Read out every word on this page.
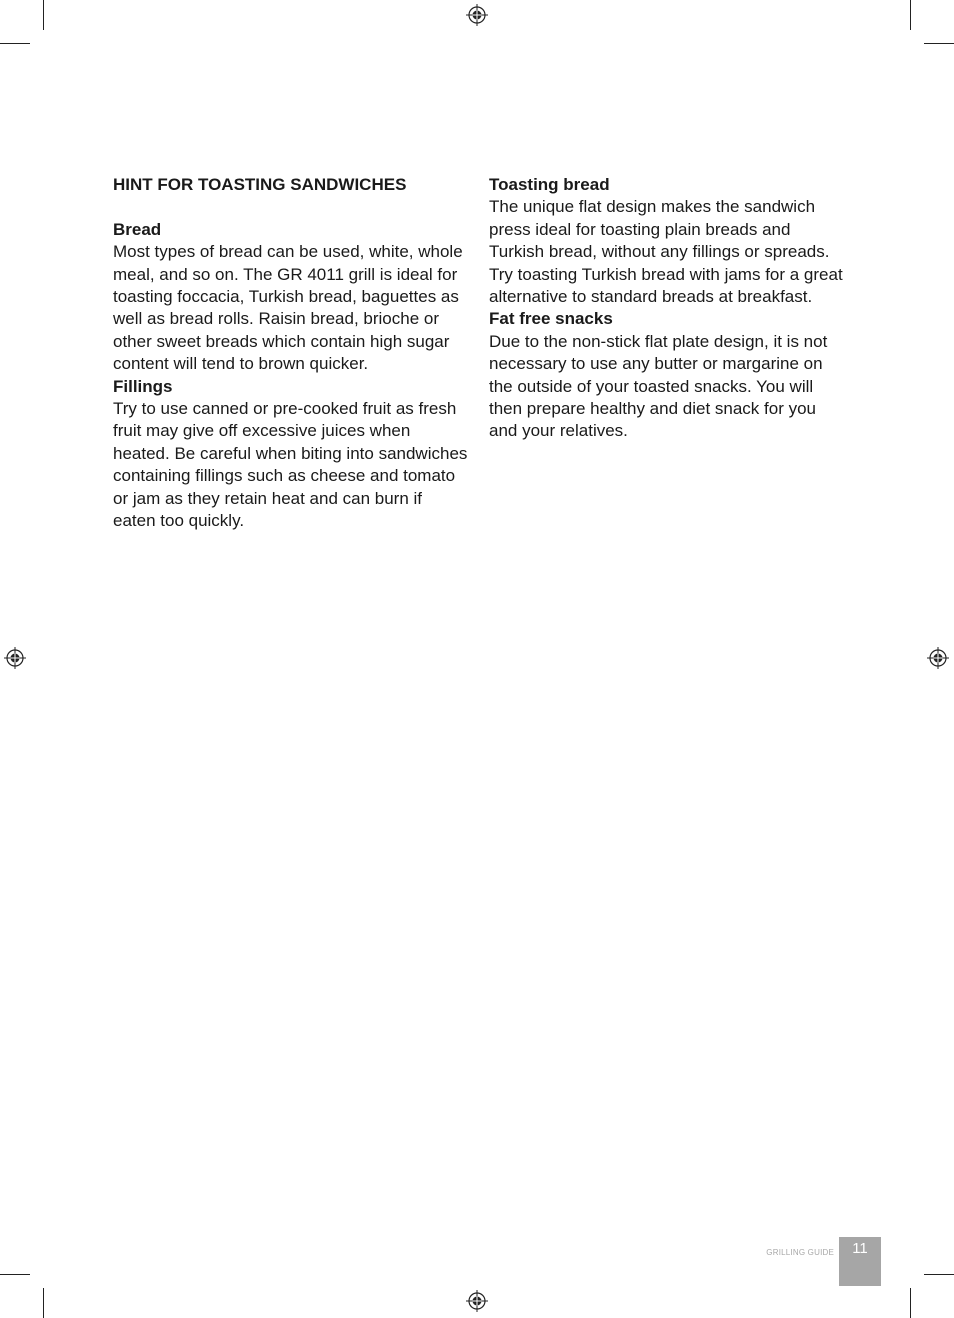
HINT FOR TOASTING SANDWICHES

Bread

Most types of bread can be used, white, whole meal, and so on. The GR 4011 grill is ideal for toasting foccacia, Turkish bread, baguettes as well as bread rolls. Raisin bread, brioche or other sweet breads which contain high sugar content will tend to brown quicker.

Fillings

Try to use canned or pre-cooked fruit as fresh fruit may give off excessive juices when heated. Be careful when biting into sandwiches containing fillings such as cheese and tomato or jam as they retain heat and can burn if eaten too quickly.

Toasting bread

The unique flat design makes the sandwich press ideal for toasting plain breads and Turkish bread, without any fillings or spreads. Try toasting Turkish bread with jams for a great alternative to standard breads at breakfast.

Fat free snacks

Due to the non-stick flat plate design, it is not necessary to use any butter or margarine on the outside of your toasted snacks. You will then prepare healthy and diet snack for you and your relatives.

GRILLING GUIDE	11
